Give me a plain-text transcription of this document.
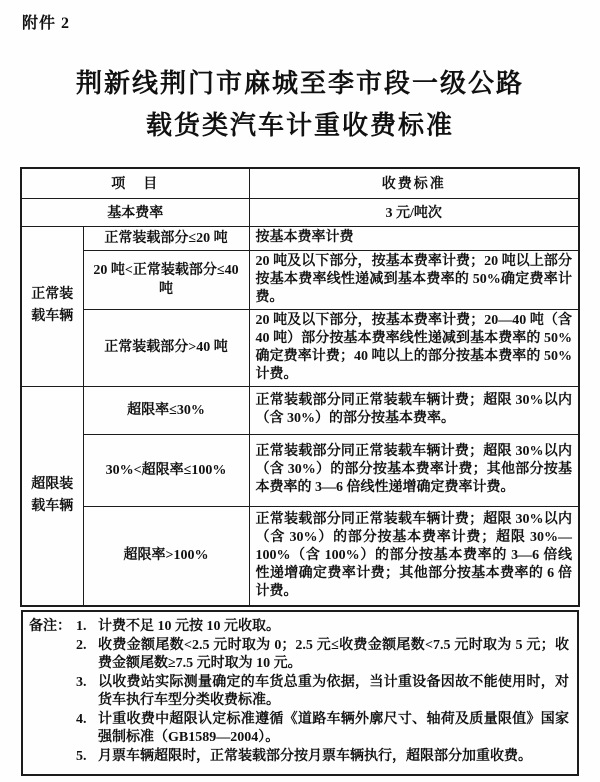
附件 2
荆新线荆门市麻城至李市段一级公路
载货类汽车计重收费标准
项　目		收费标准
基本费率		3 元/吨次
正常装载车辆	正常装载部分≤20 吨	按基本费率计费
	20 吨<正常装载部分≤40 吨	20 吨及以下部分，按基本费率计费；20 吨以上部分按基本费率线性递减到基本费率的 50%确定费率计费。
	正常装载部分>40 吨	20 吨及以下部分，按基本费率计费；20—40 吨（含 40 吨）部分按基本费率线性递减到基本费率的 50%确定费率计费；40 吨以上的部分按基本费率的 50%计费。
超限装载车辆	超限率≤30%	正常装载部分同正常装载车辆计费；超限 30%以内（含 30%）的部分按基本费率。
	30%<超限率≤100%	正常装载部分同正常装载车辆计费；超限 30%以内（含 30%）的部分按基本费率计费；其他部分按基本费率的 3—6 倍线性递增确定费率计费。
	超限率>100%	正常装载部分同正常装载车辆计费；超限 30%以内（含 30%）的部分按基本费率计费；超限 30%—100%（含 100%）的部分按基本费率的 3—6 倍线性递增确定费率计费；其他部分按基本费率的 6 倍计费。
备注： 1. 计费不足 10 元按 10 元收取。
2. 收费金额尾数<2.5 元时取为 0；2.5 元≤收费金额尾数<7.5 元时取为 5 元；收费金额尾数≥7.5 元时取为 10 元。
3. 以收费站实际测量确定的车货总重为依据，当计重设备因故不能使用时，对货车执行车型分类收费标准。
4. 计重收费中超限认定标准遵循《道路车辆外廓尺寸、轴荷及质量限值》国家强制标准（GB1589—2004）。
5. 月票车辆超限时，正常装载部分按月票车辆执行，超限部分加重收费。
